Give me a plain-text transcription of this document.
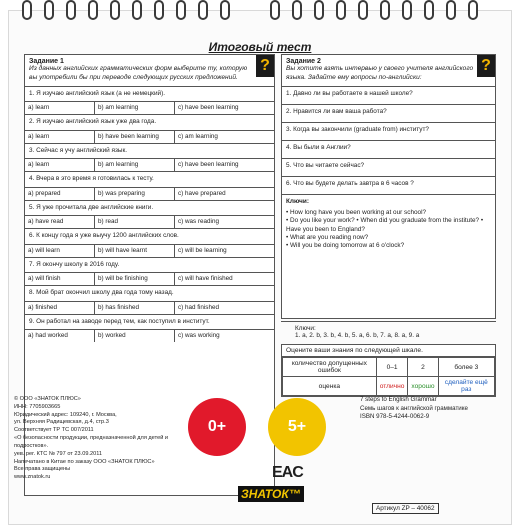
Итоговый тест
?
Задание 1
Из данных английских грамматических форм выберите ту, которую вы употребили бы при переводе следующих русских предложений.
1. Я изучаю английский язык (а не немецкий).
a) learn	b) am learning	c) have been learning
2. Я изучаю английский язык уже два года.
a) learn	b) have been learning	c) am learning
3. Сейчас я учу английский язык.
a) learn	b) am learning	c) have been learning
4. Вчера в это время я готовилась к тесту.
a) prepared	b) was preparing	c) have prepared
5. Я уже прочитала две английские книги.
a) have read	b) read	c) was reading
6. К концу года я уже выучу 1200 английских слов.
a) will learn	b) will have learnt	c) will be learning
7. Я окончу школу в 2016 году.
a) will finish	b) will be finishing	c) will have finished
8. Мой брат окончил школу два года тому назад.
a) finished	b) has finished	c) had finished
9. Он работал на заводе перед тем, как поступил в институт.
a) had worked	b) worked	c) was working
?
Задание 2
Вы хотите взять интервью у своего учителя английского языка. Задайте ему вопросы по-английски:
1. Давно ли вы работаете в нашей школе?
2. Нравится ли вам ваша работа?
3. Когда вы закончили (graduate from) институт?
4. Вы были в Англии?
5. Что вы читаете сейчас?
6. Что вы будете делать завтра в 6 часов ?
Ключи:
• How long have you been working at our school?
• Do you like your work? • When did you graduate from the institute? • Have you been to England?
• What are you reading now?
• Will you be doing tomorrow at 6 o'clock?
Ключи:
1. a, 2. b, 3. b, 4. b, 5. a, 6. b, 7. a, 8. a, 9. a
Оцените ваши знания по следующей шкале.
количество допущенных ошибок	0–1	2	более 3
оценка	отлично	хорошо	сделайте ещё раз
© ООО «ЗНАТОК ПЛЮС»
ИНН: 7705903665
Юридический адрес: 109240, г. Москва,
ул. Верхняя Радищевская, д.4, стр.3
Соответствует ТР ТС 007/2011
«О безопасности продукции, предназначенной для детей и подростков».
уев. рег. КТС № 797 от 23.09.2011
Напечатано в Китае по заказу ООО «ЗНАТОК ПЛЮС»
Все права защищены
www.znatok.ru
0+	5+
7 steps to English Grammar
Семь шагов к английской грамматике
ISBN 978-5-4244-0062-9
EAC
ЗНАТОК™
Артикул ZP – 40062
